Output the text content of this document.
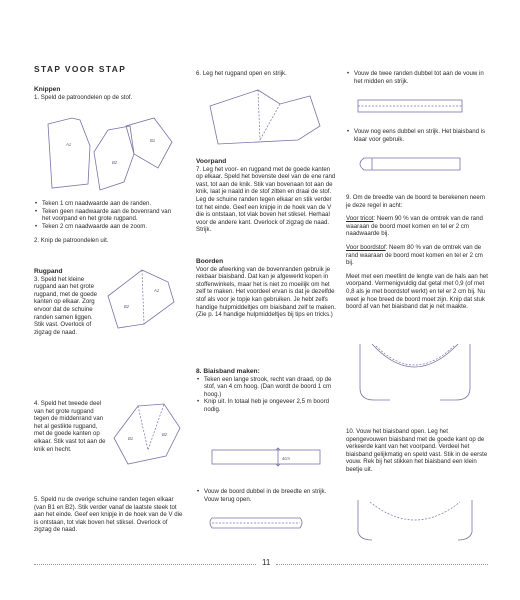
STAP VOOR STAP
Knippen
1. Speld de patroondelen op de stof.
A1
B2
B1
• Teken 1 cm naadwaarde aan de randen.
• Teken geen naadwaarde aan de bovenrand van het voorpand en het grote rugpand.
• Teken 2 cm naadwaarde aan de zoom.
2. Knip de patroondelen uit.
Rugpand
3. Speld het kleine rugpand aan het grote rugpand, met de goede kanten op elkaar. Zorg ervoor dat de schuine randen samen liggen. Stik vast. Overlock of zigzag de naad.
B2
A1
4. Speld het tweede deel van het grote rugpand tegen de middenrand van het al gestikte rugpand, met de goede kanten op elkaar. Stik vast tot aan de knik en hecht.
B1
B2
5. Speld nu de overige schuine randen tegen elkaar (van B1 en B2). Stik verder vanaf de laatste steek tot aan het einde. Geef een knipje in de hoek van de V die is ontstaan, tot vlak boven het stiksel. Overlock of zigzag de naad.
6. Leg het rugpand open en strijk.
Voorpand
7. Leg het voor- en rugpand met de goede kanten op elkaar. Speld het bovenste deel van de ene rand vast, tot aan de knik. Stik van bovenaan tot aan de knik, laat je naald in de stof zitten en draai de stof. Leg de schuine randen tegen elkaar en stik verder tot het einde. Geef een knipje in de hoek van de V die is ontstaan, tot vlak boven het stiksel. Herhaal voor de andere kant. Overlock of zigzag de naad. Strijk.
Boorden
Voor de afwerking van de bovenranden gebruik je rekbaar biaisband. Dat kan je afgewerkt kopen in stoffenwinkels, maar het is niet zo moeilijk om het zelf te maken. Het voordeel ervan is dat je dezelfde stof als voor je topje kan gebruiken. Je hebt zelfs handige hulpmiddeltjes om biaisband zelf te maken. (Zie p. 14 handige hulpmiddeltjes bij tips en tricks.)
8. Biaisband maken:
• Teken een lange strook, recht van draad, op de stof, van 4 cm hoog. (Dan wordt de boord 1 cm hoog.)
• Knip uit. In totaal heb je ongeveer 2,5 m boord nodig.
4cm
• Vouw de boord dubbel in de breedte en strijk. Vouw terug open.
• Vouw de twee randen dubbel tot aan de vouw in het midden en strijk.
• Vouw nog eens dubbel en strijk. Het biaisband is klaar voor gebruik.
9. Om de breedte van de boord te berekenen neem je deze regel in acht:
Voor tricot: Neem 90 % van de omtrek van de rand waaraan de boord moet komen en tel er 2 cm naadwaarde bij.
Voor boordstof: Neem 80 % van de omtrek van de rand waaraan de boord moet komen en tel er 2 cm bij.
Meet met een meetlint de lengte van de hals aan het voorpand. Vermenigvuldig dat getal met 0,9 (of met 0,8 als je met boordstof werkt) en tel er 2 cm bij. Nu weet je hoe breed de boord moet zijn. Knip dat stuk boord af van het biaisband dat je net maakte.
10. Vouw het biaisband open. Leg het opengevouwen biaisband met de goede kant op de verkeerde kant van het voorpand. Verdeel het biaisband gelijkmatig en speld vast. Stik in de eerste vouw. Rek bij het stikken het biaisband een klein beetje uit.
11
